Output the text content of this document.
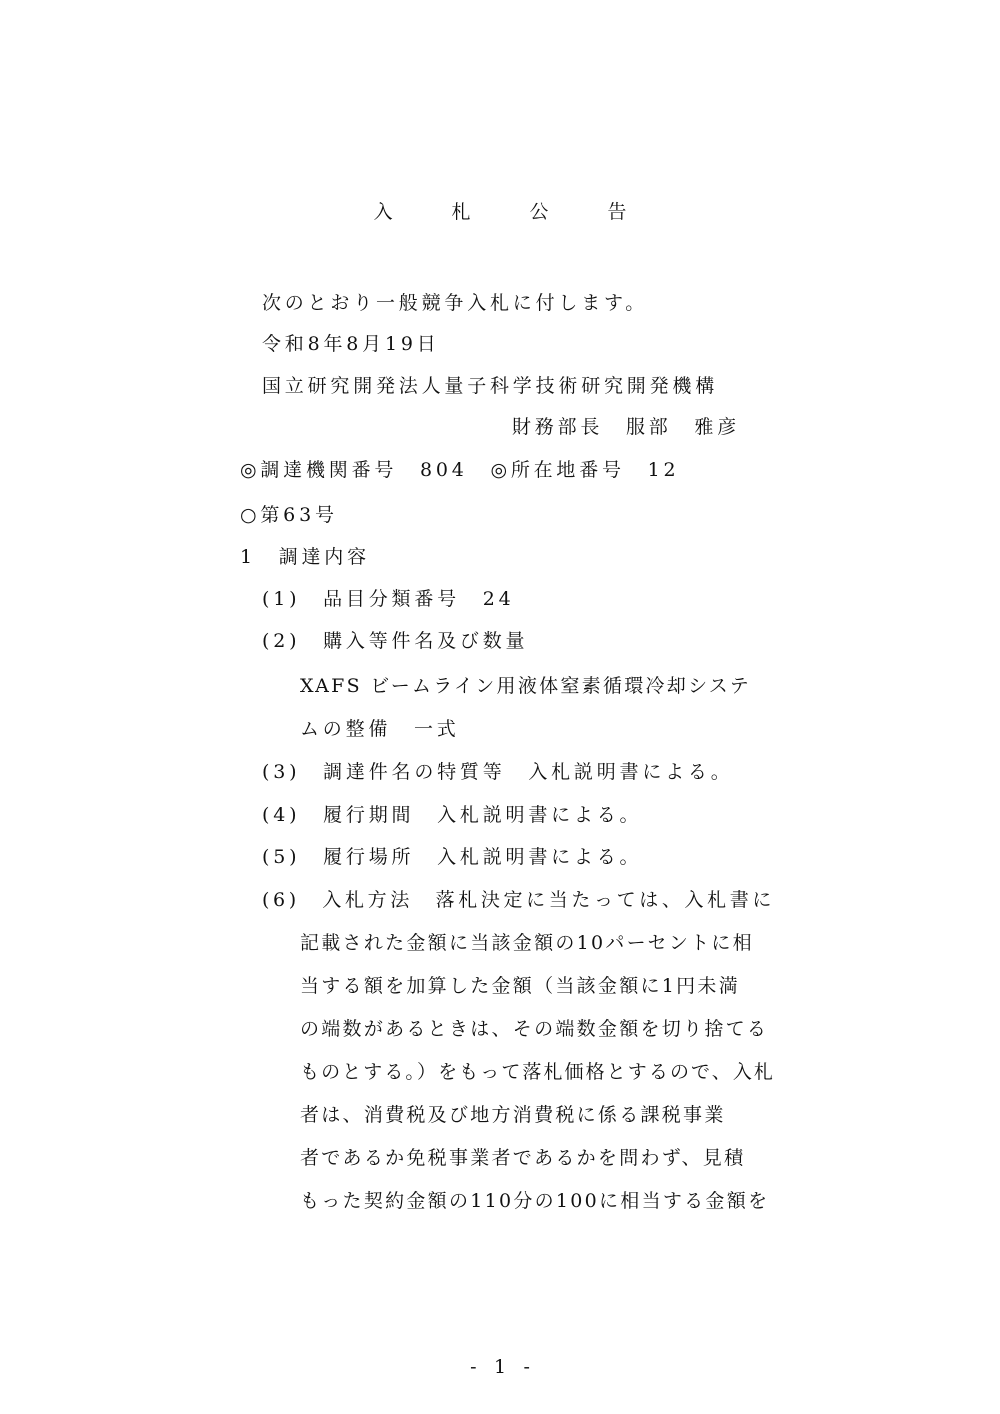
入　札　公　告
次のとおり一般競争入札に付します。
令和8年8月19日
国立研究開発法人量子科学技術研究開発機構
財務部長　服部　雅彦
◎調達機関番号　804　◎所在地番号　12
○第63号
1　調達内容
(1)　品目分類番号　24
(2)　購入等件名及び数量
XAFS ビームライン用液体窒素循環冷却システ
ムの整備　一式
(3)　調達件名の特質等　入札説明書による。
(4)　履行期間　入札説明書による。
(5)　履行場所　入札説明書による。
(6)　入札方法　落札決定に当たっては、入札書に
記載された金額に当該金額の10パーセントに相
当する額を加算した金額（当該金額に1円未満
の端数があるときは、その端数金額を切り捨てる
ものとする。）をもって落札価格とするので、入札
者は、消費税及び地方消費税に係る課税事業
者であるか免税事業者であるかを問わず、見積
もった契約金額の110分の100に相当する金額を
- 1 -
